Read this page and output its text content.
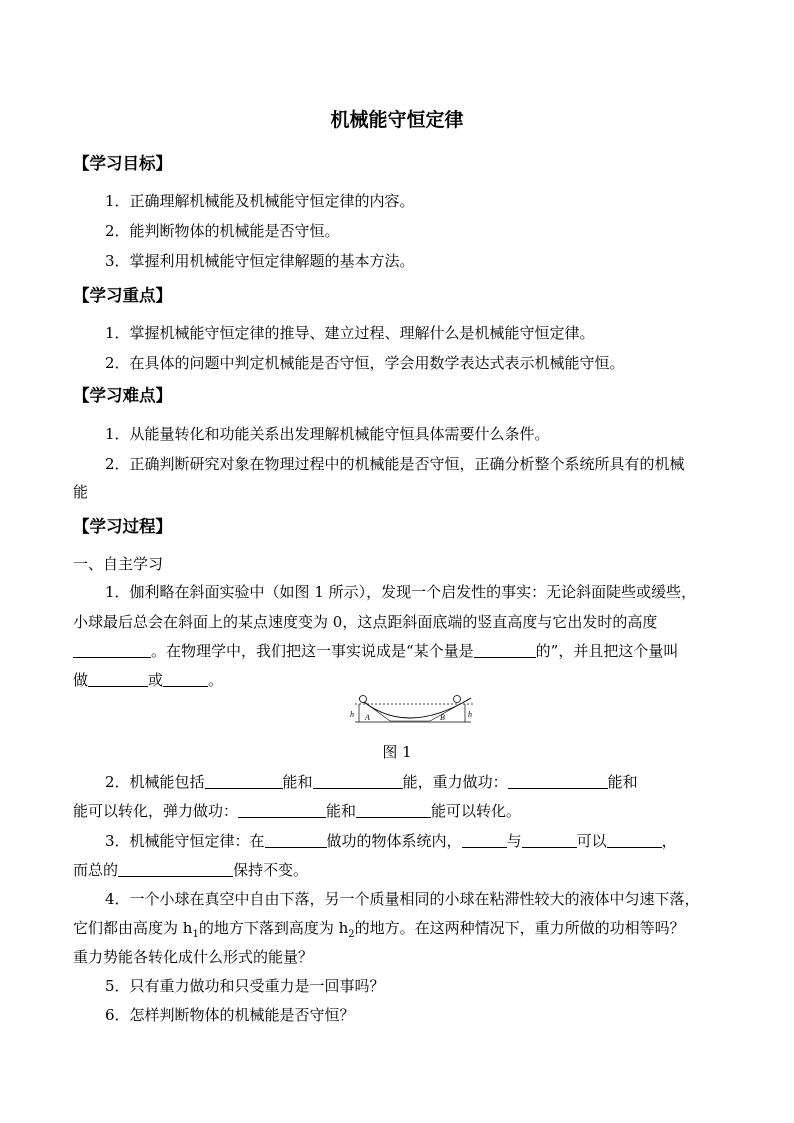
机械能守恒定律
【学习目标】
1．正确理解机械能及机械能守恒定律的内容。
2．能判断物体的机械能是否守恒。
3．掌握利用机械能守恒定律解题的基本方法。
【学习重点】
1．掌握机械能守恒定律的推导、建立过程、理解什么是机械能守恒定律。
2．在具体的问题中判定机械能是否守恒，学会用数学表达式表示机械能守恒。
【学习难点】
1．从能量转化和功能关系出发理解机械能守恒具体需要什么条件。
2．正确判断研究对象在物理过程中的机械能是否守恒，正确分析整个系统所具有的机械
能
【学习过程】
一、自主学习
1．伽利略在斜面实验中（如图 1 所示），发现一个启发性的事实：无论斜面陡些或缓些，
小球最后总会在斜面上的某点速度变为 0，这点距斜面底端的竖直高度与它出发时的高度
。在物理学中，我们把这一事实说成是“某个量是	的”，并且把这个量叫
做	或	。
h	h
A	B
图 1
2．机械能包括	能和	能，重力做功：	能和
能可以转化，弹力做功：	能和	能可以转化。
3．机械能守恒定律：在	做功的物体系统内，	与	可以	，
而总的	保持不变。
4．一个小球在真空中自由下落，另一个质量相同的小球在粘滞性较大的液体中匀速下落，
它们都由高度为 $h_1$的地方下落到高度为 $h_2$的地方。在这两种情况下，重力所做的功相等吗？
重力势能各转化成什么形式的能量？
5．只有重力做功和只受重力是一回事吗？
6．怎样判断物体的机械能是否守恒？
